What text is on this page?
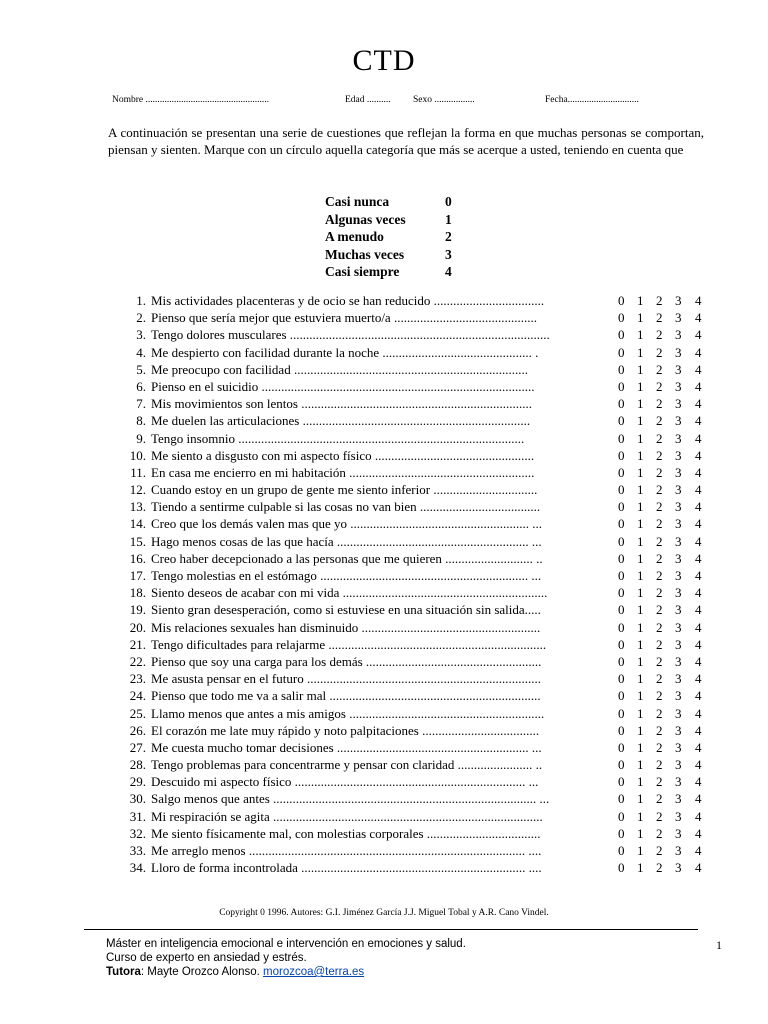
CTD
Nombre ....................................................	Edad .......... Sexo .................	Fecha..............................
A continuación se presentan una serie de cuestiones que reflejan la forma en que muchas personas se comportan, piensan y sienten. Marque con un círculo aquella categoría que más se acerque a usted, teniendo en cuenta que
Casi nunca	0
Algunas veces	1
A menudo	2
Muchas veces	3
Casi siempre	4
1. Mis actividades placenteras y de ocio se han reducido ..................................	0 1 2 3 4
2. Pienso que sería mejor que estuviera muerto/a ............................................	0 1 2 3 4
3. Tengo dolores musculares ................................................................................	0 1 2 3 4
4. Me despierto con facilidad durante la noche .............................................. .	0 1 2 3 4
5. Me preocupo con facilidad ........................................................................	0 1 2 3 4
6. Pienso en el suicidio ....................................................................................	0 1 2 3 4
7. Mis movimientos son lentos .......................................................................	0 1 2 3 4
8. Me duelen las articulaciones ......................................................................	0 1 2 3 4
9. Tengo insomnio ........................................................................................	0 1 2 3 4
10. Me siento a disgusto con mi aspecto físico .................................................	0 1 2 3 4
11. En casa me encierro en mi habitación .........................................................	0 1 2 3 4
12. Cuando estoy en un grupo de gente me siento inferior ................................	0 1 2 3 4
13. Tiendo a sentirme culpable si las cosas no van bien .....................................	0 1 2 3 4
14. Creo que los demás valen mas que yo ....................................................... ...	0 1 2 3 4
15. Hago menos cosas de las que hacía ........................................................... ...	0 1 2 3 4
16. Creo haber decepcionado a las personas que me quieren ........................... ..	0 1 2 3 4
17. Tengo molestias en el estómago ................................................................ ...	0 1 2 3 4
18. Siento deseos de acabar con mi vida ...............................................................	0 1 2 3 4
19. Siento gran desesperación, como si estuviese en una situación sin salida.....	0 1 2 3 4
20. Mis relaciones sexuales han disminuido .......................................................	0 1 2 3 4
21. Tengo dificultades para relajarme ...................................................................	0 1 2 3 4
22. Pienso que soy una carga para los demás ......................................................	0 1 2 3 4
23. Me asusta pensar en el futuro ........................................................................	0 1 2 3 4
24. Pienso que todo me va a salir mal .................................................................	0 1 2 3 4
25. Llamo menos que antes a mis amigos ............................................................	0 1 2 3 4
26. El corazón me late muy rápido y noto palpitaciones ....................................	0 1 2 3 4
27. Me cuesta mucho tomar decisiones ........................................................... ...	0 1 2 3 4
28. Tengo problemas para concentrarme y pensar con claridad ....................... ..	0 1 2 3 4
29. Descuido mi aspecto físico ....................................................................... ...	0 1 2 3 4
30. Salgo menos que antes ................................................................................. ...	0 1 2 3 4
31. Mi respiración se agita ...................................................................................	0 1 2 3 4
32. Me siento físicamente mal, con molestias corporales ...................................	0 1 2 3 4
33. Me arreglo menos ..................................................................................... ....	0 1 2 3 4
34. Lloro de forma incontrolada ..................................................................... ....	0 1 2 3 4
Copyright 0 1996. Autores: G.I. Jiménez García J.J. Miguel Tobal y A.R. Cano Vindel.
Máster en inteligencia emocional e intervención en emociones y salud.
Curso de experto en ansiedad y estrés.
Tutora: Mayte Orozco Alonso. morozcoa@terra.es
1
